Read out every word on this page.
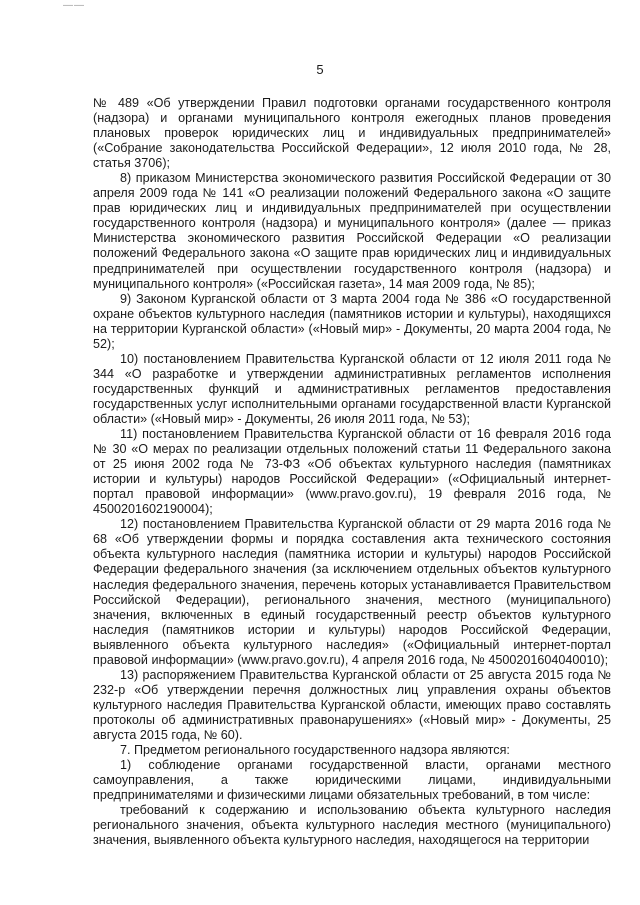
——
5

№ 489 «Об утверждении Правил подготовки органами государственного контроля (надзора) и органами муниципального контроля ежегодных планов проведения плановых проверок юридических лиц и индивидуальных предпринимателей» («Собрание законодательства Российской Федерации», 12 июля 2010 года, № 28, статья 3706);

8) приказом Министерства экономического развития Российской Федерации от 30 апреля 2009 года № 141 «О реализации положений Федерального закона «О защите прав юридических лиц и индивидуальных предпринимателей при осуществлении государственного контроля (надзора) и муниципального контроля» (далее — приказ Министерства экономического развития Российской Федерации «О реализации положений Федерального закона «О защите прав юридических лиц и индивидуальных предпринимателей при осуществлении государственного контроля (надзора) и муниципального контроля» («Российская газета», 14 мая 2009 года, № 85);

9) Законом Курганской области от 3 марта 2004 года № 386 «О государственной охране объектов культурного наследия (памятников истории и культуры), находящихся на территории Курганской области» («Новый мир» - Документы, 20 марта 2004 года, № 52);

10) постановлением Правительства Курганской области от 12 июля 2011 года № 344 «О разработке и утверждении административных регламентов исполнения государственных функций и административных регламентов предоставления государственных услуг исполнительными органами государственной власти Курганской области» («Новый мир» - Документы, 26 июля 2011 года, № 53);

11) постановлением Правительства Курганской области от 16 февраля 2016 года № 30 «О мерах по реализации отдельных положений статьи 11 Федерального закона от 25 июня 2002 года № 73-ФЗ «Об объектах культурного наследия (памятниках истории и культуры) народов Российской Федерации» («Официальный интернет-портал правовой информации» (www.pravo.gov.ru), 19 февраля 2016 года, № 4500201602190004);

12) постановлением Правительства Курганской области от 29 марта 2016 года № 68 «Об утверждении формы и порядка составления акта технического состояния объекта культурного наследия (памятника истории и культуры) народов Российской Федерации федерального значения (за исключением отдельных объектов культурного наследия федерального значения, перечень которых устанавливается Правительством Российской Федерации), регионального значения, местного (муниципального) значения, включенных в единый государственный реестр объектов культурного наследия (памятников истории и культуры) народов Российской Федерации, выявленного объекта культурного наследия» («Официальный интернет-портал правовой информации» (www.pravo.gov.ru), 4 апреля 2016 года, № 4500201604040010);

13) распоряжением Правительства Курганской области от 25 августа 2015 года № 232-р «Об утверждении перечня должностных лиц управления охраны объектов культурного наследия Правительства Курганской области, имеющих право составлять протоколы об административных правонарушениях» («Новый мир» - Документы, 25 августа 2015 года, № 60).

7. Предметом регионального государственного надзора являются:

1) соблюдение органами государственной власти, органами местного самоуправления, а также юридическими лицами, индивидуальными предпринимателями и физическими лицами обязательных требований, в том числе:

требований к содержанию и использованию объекта культурного наследия регионального значения, объекта культурного наследия местного (муниципального) значения, выявленного объекта культурного наследия, находящегося на территории
